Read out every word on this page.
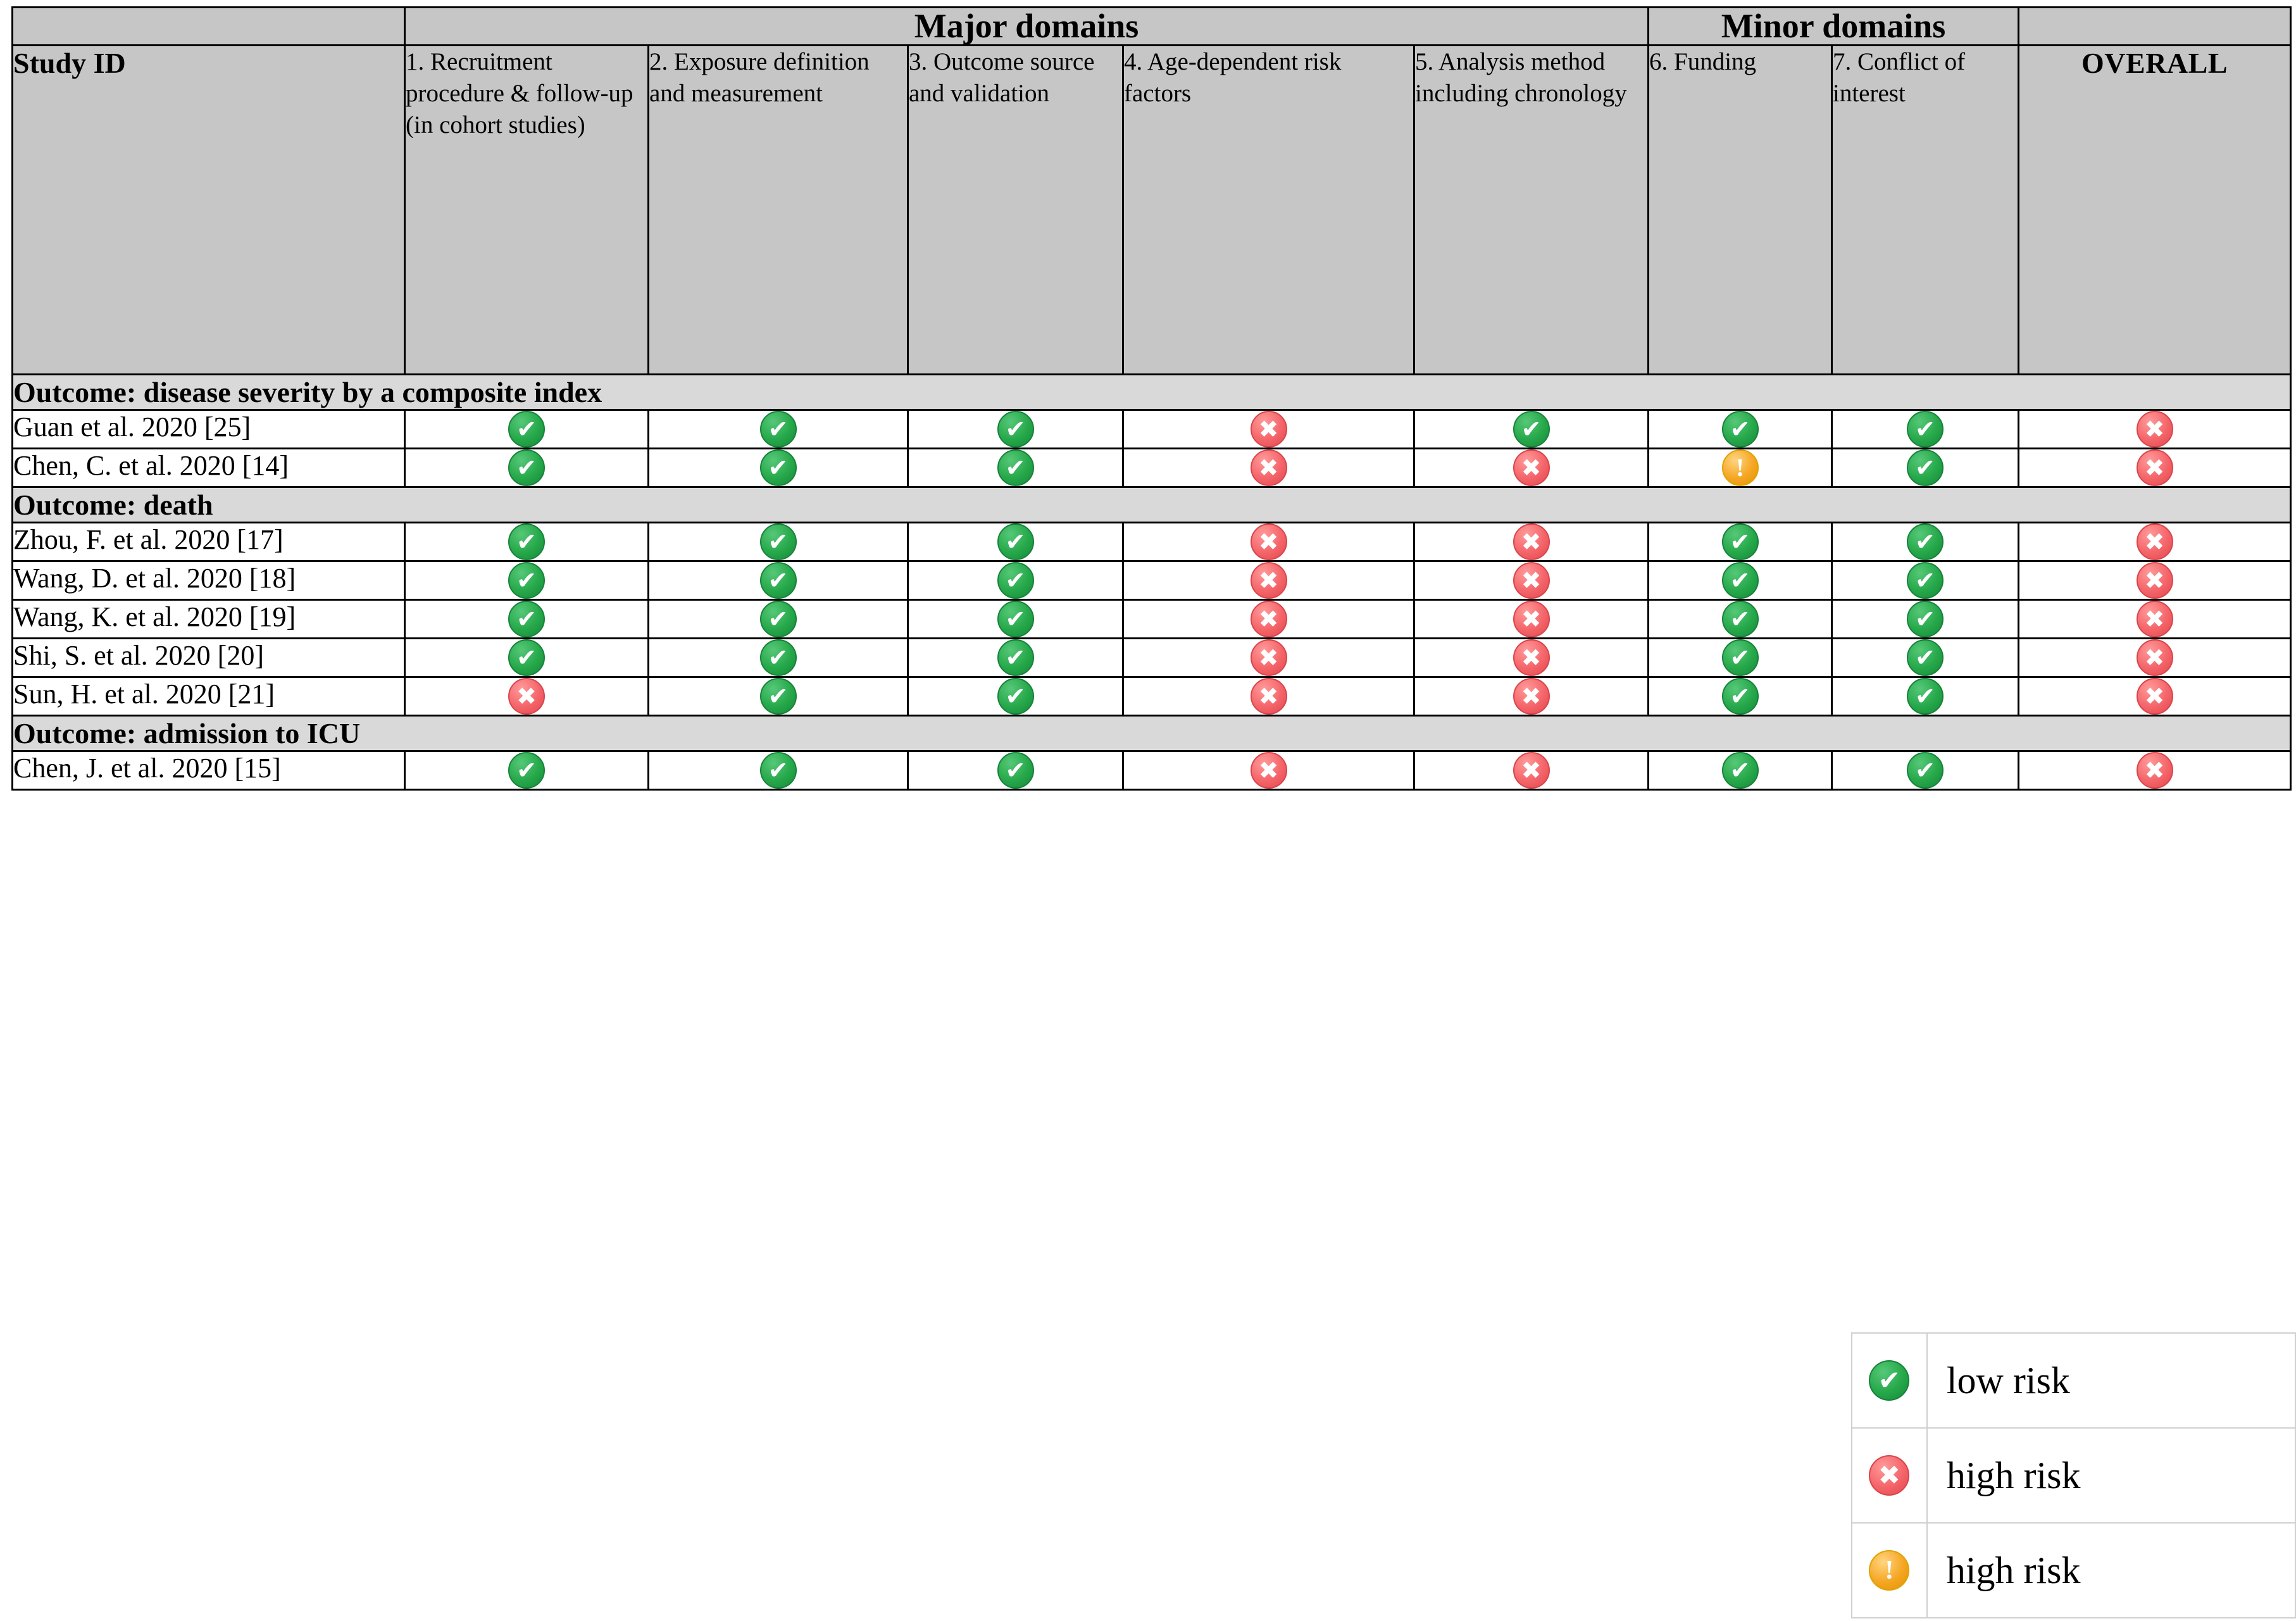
	Major domains					Minor domains		
Study ID	1. Recruitment procedure & follow-up (in cohort studies)	2. Exposure definition and measurement	3. Outcome source and validation	4. Age-dependent risk factors	5. Analysis method including chronology	6. Funding	7. Conflict of interest	OVERALL
Outcome: disease severity by a composite index								
Guan et al. 2020 [25]	✔	✔	✔	✖	✔	✔	✔	✖
Chen, C. et al. 2020 [14]	✔	✔	✔	✖	✖	!	✔	✖
Outcome: death								
Zhou, F. et al. 2020 [17]	✔	✔	✔	✖	✖	✔	✔	✖
Wang, D. et al. 2020 [18]	✔	✔	✔	✖	✖	✔	✔	✖
Wang, K. et al. 2020 [19]	✔	✔	✔	✖	✖	✔	✔	✖
Shi, S. et al. 2020 [20]	✔	✔	✔	✖	✖	✔	✔	✖
Sun, H. et al. 2020 [21]	✖	✔	✔	✖	✖	✔	✔	✖
Outcome: admission to ICU								
Chen, J. et al. 2020 [15]	✔	✔	✔	✖	✖	✔	✔	✖
✔	low risk
✖	high risk
!	high risk
